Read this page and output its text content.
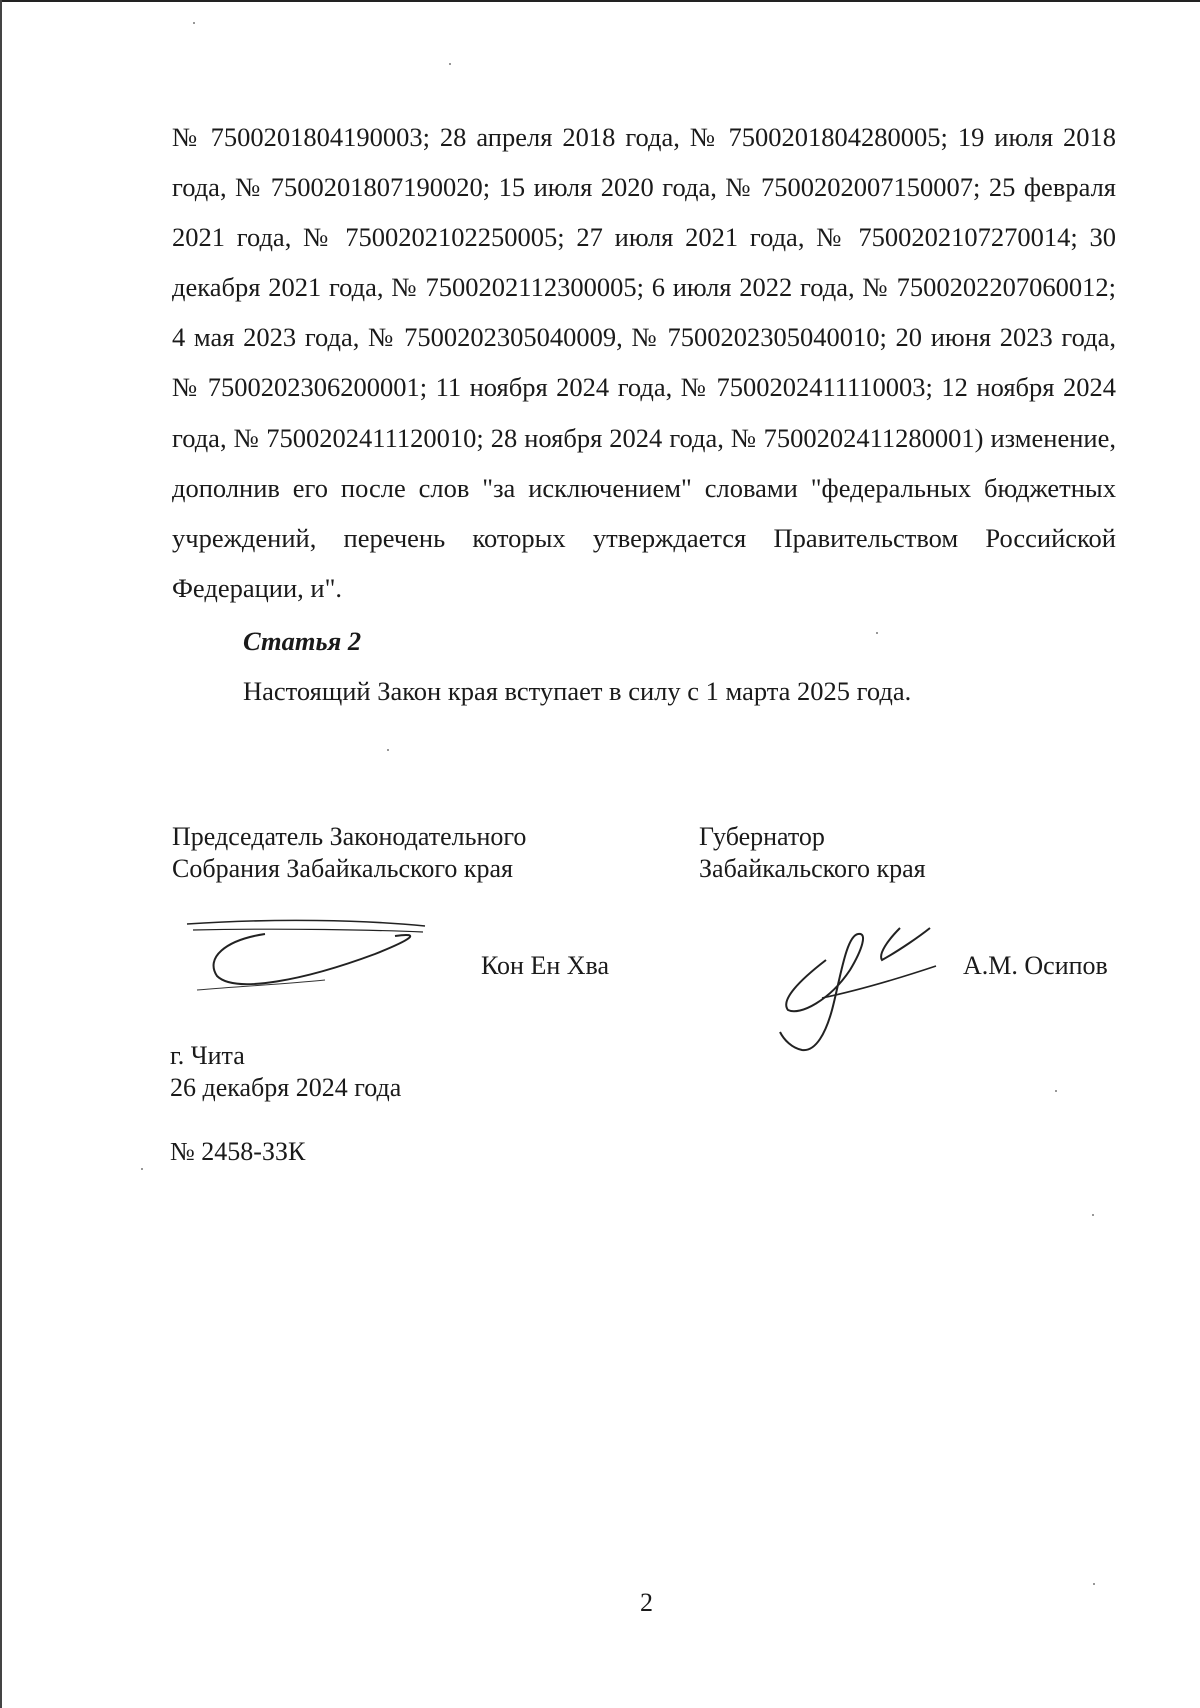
№ 7500201804190003; 28 апреля 2018 года, № 7500201804280005; 19 июля 2018 года, № 7500201807190020; 15 июля 2020 года, № 7500202007150007; 25 февраля 2021 года, № 7500202102250005; 27 июля 2021 года, № 7500202107270014; 30 декабря 2021 года, № 7500202112300005; 6 июля 2022 года, № 7500202207060012; 4 мая 2023 года, № 7500202305040009, № 7500202305040010; 20 июня 2023 года, № 7500202306200001; 11 ноября 2024 года, № 7500202411110003; 12 ноября 2024 года, № 7500202411120010; 28 ноября 2024 года, № 7500202411280001) изменение, дополнив его после слов "за исключением" словами "федеральных бюджетных учреждений, перечень которых утверждается Правительством Российской Федерации, и".

Статья 2
Настоящий Закон края вступает в силу с 1 марта 2025 года.
Председатель Законодательного
Собрания Забайкальского края
Кон Ен Хва
Губернатор
Забайкальского края
А.М. Осипов
г. Чита
26 декабря 2024 года
№ 2458-ЗЗК
2
